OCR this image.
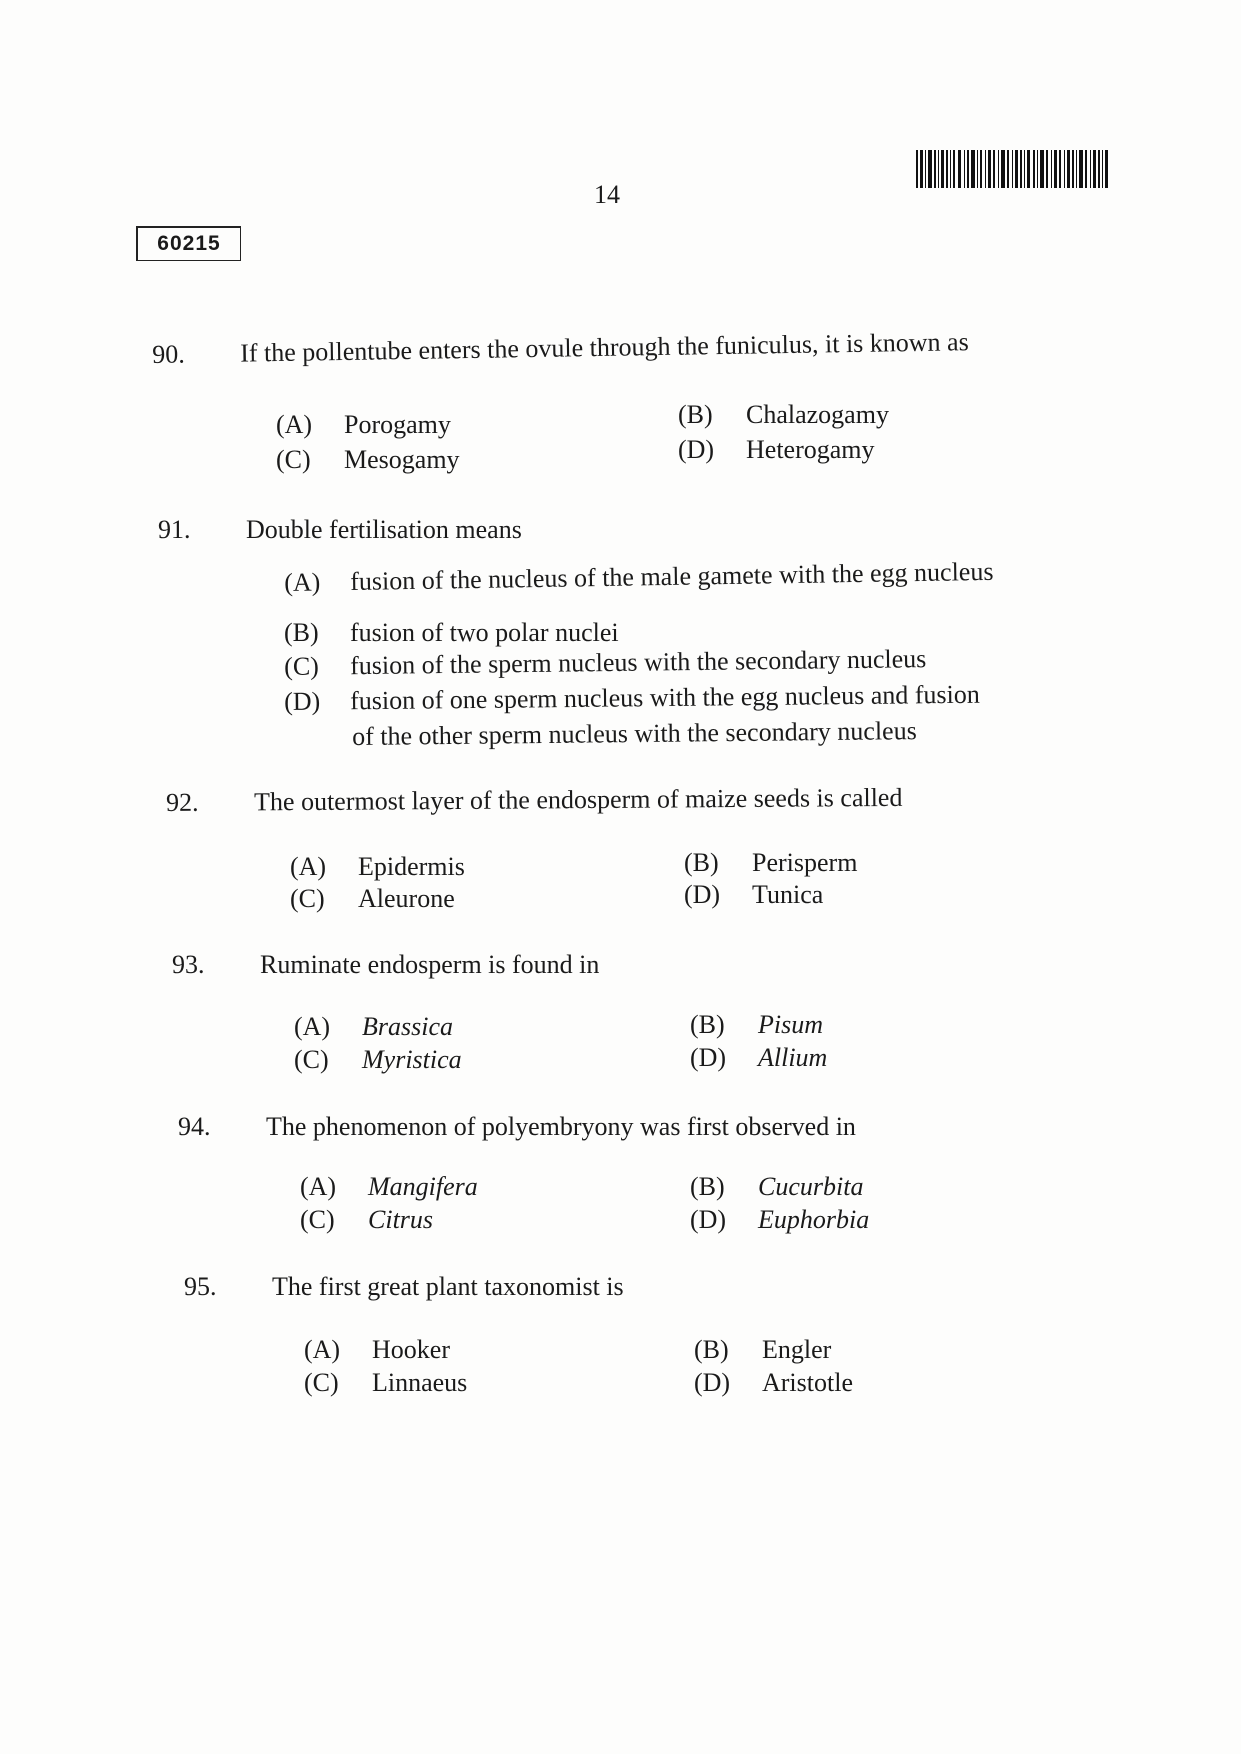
14
60215
90. If the pollentube enters the ovule through the funiculus, it is known as
(A) Porogamy	(B) Chalazogamy
(C) Mesogamy	(D) Heterogamy
91. Double fertilisation means
(A) fusion of the nucleus of the male gamete with the egg nucleus
(B) fusion of two polar nuclei
(C) fusion of the sperm nucleus with the secondary nucleus
(D) fusion of one sperm nucleus with the egg nucleus and fusion
of the other sperm nucleus with the secondary nucleus
92. The outermost layer of the endosperm of maize seeds is called
(A) Epidermis	(B) Perisperm
(C) Aleurone	(D) Tunica
93. Ruminate endosperm is found in
(A) Brassica	(B) Pisum
(C) Myristica	(D) Allium
94. The phenomenon of polyembryony was first observed in
(A) Mangifera	(B) Cucurbita
(C) Citrus	(D) Euphorbia
95. The first great plant taxonomist is
(A) Hooker	(B) Engler
(C) Linnaeus	(D) Aristotle
